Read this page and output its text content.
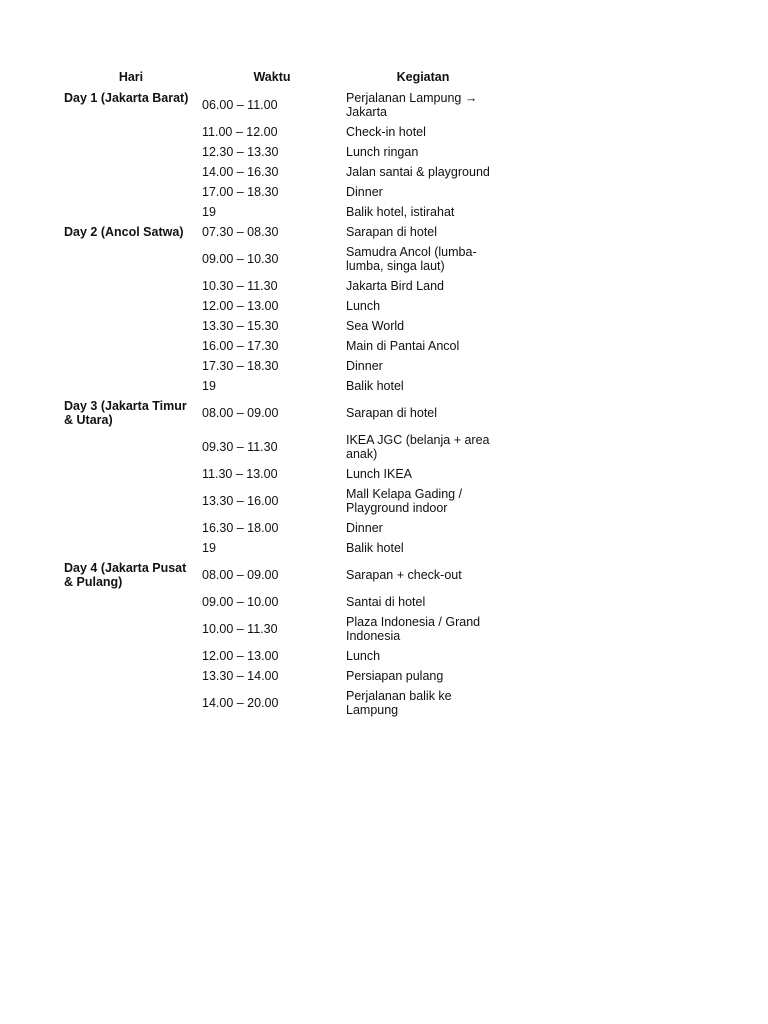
Hari	Waktu	Kegiatan
Day 1 (Jakarta Barat)	06.00 – 11.00	Perjalanan Lampung → Jakarta
	11.00 – 12.00	Check-in hotel
	12.30 – 13.30	Lunch ringan
	14.00 – 16.30	Jalan santai & playground
	17.00 – 18.30	Dinner
	19	Balik hotel, istirahat
Day 2 (Ancol Satwa)	07.30 – 08.30	Sarapan di hotel
	09.00 – 10.30	Samudra Ancol (lumba-lumba, singa laut)
	10.30 – 11.30	Jakarta Bird Land
	12.00 – 13.00	Lunch
	13.30 – 15.30	Sea World
	16.00 – 17.30	Main di Pantai Ancol
	17.30 – 18.30	Dinner
	19	Balik hotel
Day 3 (Jakarta Timur & Utara)	08.00 – 09.00	Sarapan di hotel
	09.30 – 11.30	IKEA JGC (belanja + area anak)
	11.30 – 13.00	Lunch IKEA
	13.30 – 16.00	Mall Kelapa Gading / Playground indoor
	16.30 – 18.00	Dinner
	19	Balik hotel
Day 4 (Jakarta Pusat & Pulang)	08.00 – 09.00	Sarapan + check-out
	09.00 – 10.00	Santai di hotel
	10.00 – 11.30	Plaza Indonesia / Grand Indonesia
	12.00 – 13.00	Lunch
	13.30 – 14.00	Persiapan pulang
	14.00 – 20.00	Perjalanan balik ke Lampung
